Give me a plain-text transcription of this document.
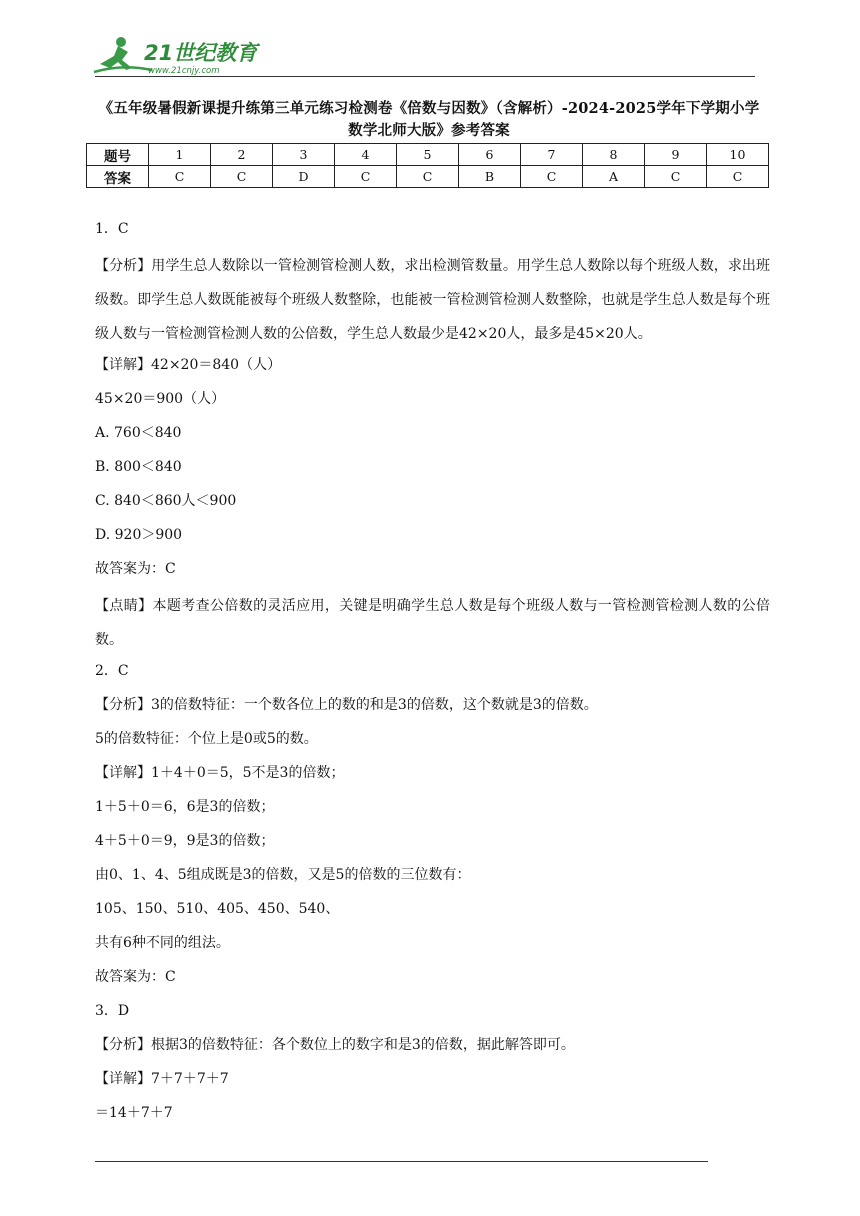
21世纪教育
www.21cnjy.com
《五年级暑假新课提升练第三单元练习检测卷《倍数与因数》（含解析）-2024-2025学年下学期小学数学北师大版》参考答案
题号	1	2	3	4	5	6	7	8	9	10
答案	C	C	D	C	C	B	C	A	C	C
1．C

【分析】用学生总人数除以一管检测管检测人数，求出检测管数量。用学生总人数除以每个班级人数，求出班级数。即学生总人数既能被每个班级人数整除，也能被一管检测管检测人数整除，也就是学生总人数是每个班级人数与一管检测管检测人数的公倍数，学生总人数最少是42×20人，最多是45×20人。

【详解】42×20＝840（人）
45×20＝900（人）
A. 760＜840
B. 800＜840
C. 840＜860人＜900
D. 920＞900
故答案为：C

【点睛】本题考查公倍数的灵活应用，关键是明确学生总人数是每个班级人数与一管检测管检测人数的公倍数。

2．C
【分析】3的倍数特征：一个数各位上的数的和是3的倍数，这个数就是3的倍数。
5的倍数特征：个位上是0或5的数。
【详解】1＋4＋0＝5，5不是3的倍数；
1＋5＋0＝6，6是3的倍数；
4＋5＋0＝9，9是3的倍数；
由0、1、4、5组成既是3的倍数，又是5的倍数的三位数有：
105、150、510、405、450、540、
共有6种不同的组法。
故答案为：C
3．D
【分析】根据3的倍数特征：各个数位上的数字和是3的倍数，据此解答即可。
【详解】7＋7＋7＋7
＝14＋7＋7
